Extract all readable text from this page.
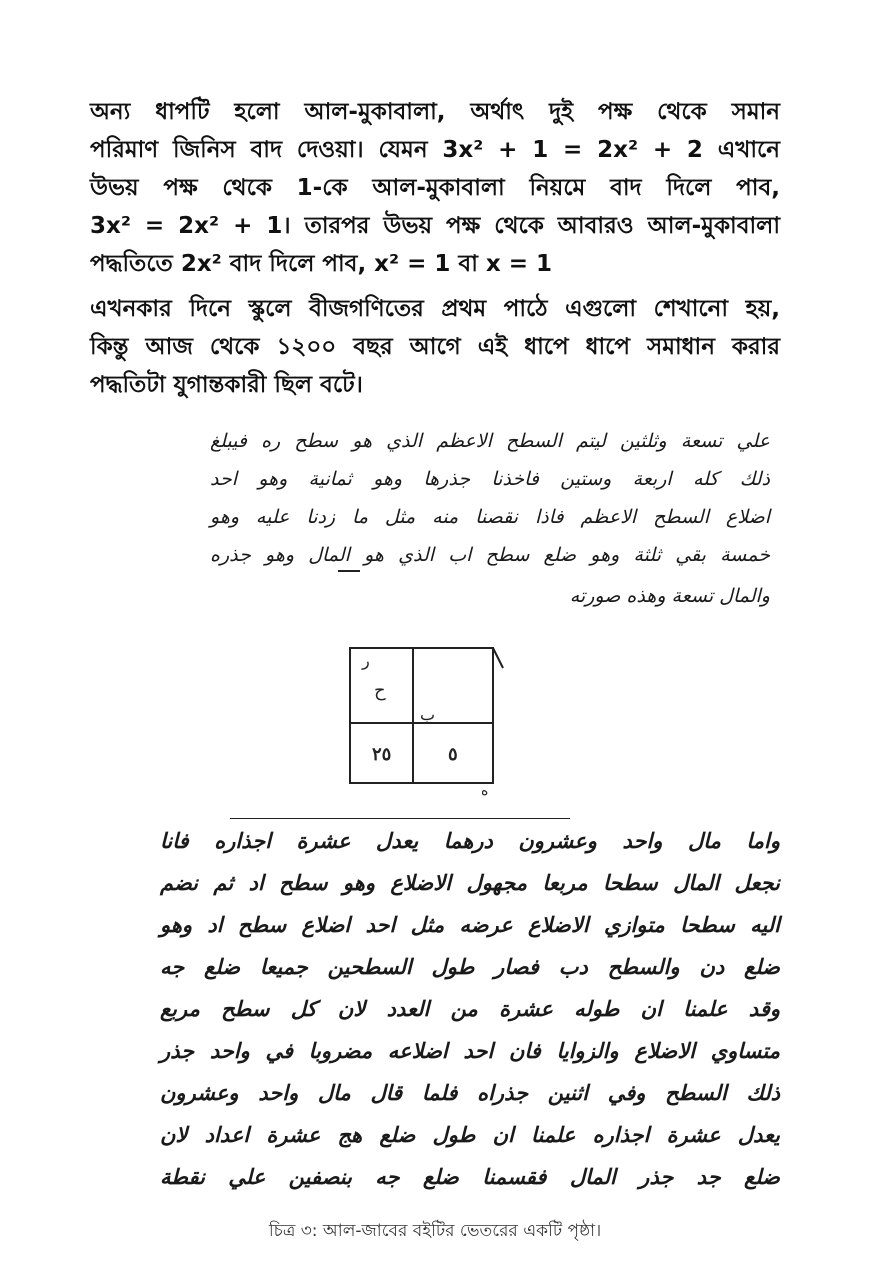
অন্য ধাপটি হলো আল-মুকাবালা, অর্থাৎ দুই পক্ষ থেকে সমান
পরিমাণ জিনিস বাদ দেওয়া। যেমন 3x² + 1 = 2x² + 2 এখানে
উভয় পক্ষ থেকে 1-কে আল-মুকাবালা নিয়মে বাদ দিলে পাব,
3x² = 2x² + 1। তারপর উভয় পক্ষ থেকে আবারও আল-মুকাবালা
পদ্ধতিতে 2x² বাদ দিলে পাব, x² = 1 বা x = 1
এখনকার দিনে স্কুলে বীজগণিতের প্রথম পাঠে এগুলো শেখানো হয়,
কিন্তু আজ থেকে ১২০০ বছর আগে এই ধাপে ধাপে সমাধান করার
পদ্ধতিটা যুগান্তকারী ছিল বটে।
علي تسعة وثلثين ليتم السطح الاعظم الذي هو سطح ره فيبلغ
ذلك كله اربعة وستين فاخذنا جذرها وهو ثمانية وهو احد
اضلاع السطح الاعظم فاذا نقصنا منه مثل ما زدنا عليه وهو
خمسة بقي ثلثة وهو ضلع سطح اب الذي هو المال وهو جذره
والمال تسعة وهذه صورته
ر
ح
ب
٢٥	٥
ه
واما مال واحد وعشرون درهما يعدل عشرة اجذاره فانا
نجعل المال سطحا مربعا مجهول الاضلاع وهو سطح اد ثم نضم
اليه سطحا متوازي الاضلاع عرضه مثل احد اضلاع سطح اد وهو
ضلع دن والسطح دب فصار طول السطحين جميعا ضلع جه
وقد علمنا ان طوله عشرة من العدد لان كل سطح مربع
متساوي الاضلاع والزوايا فان احد اضلاعه مضروبا في واحد جذر
ذلك السطح وفي اثنين جذراه فلما قال مال واحد وعشرون
يعدل عشرة اجذاره علمنا ان طول ضلع هج عشرة اعداد لان
ضلع جد جذر المال فقسمنا ضلع جه بنصفين علي نقطة
চিত্র ৩: আল-জাবের বইটির ভেতরের একটি পৃষ্ঠা।
